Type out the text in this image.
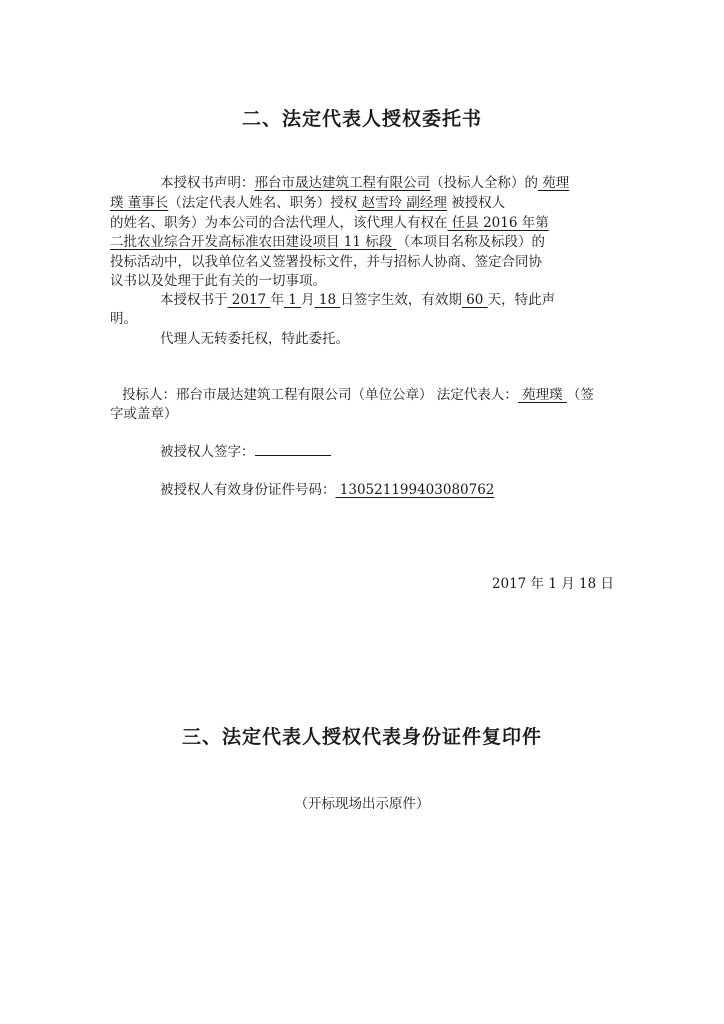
二、法定代表人授权委托书
本授权书声明：邢台市晟达建筑工程有限公司（投标人全称）的 苑理
璞 董事长（法定代表人姓名、职务）授权 赵雪玲 副经理 被授权人
的姓名、职务）为本公司的合法代理人，该代理人有权在 任县 2016 年第
二批农业综合开发高标准农田建设项目 11 标段 （本项目名称及标段）的
投标活动中，以我单位名义签署投标文件，并与招标人协商、签定合同协
议书以及处理于此有关的一切事项。
本授权书于 2017 年 1 月 18 日签字生效，有效期 60 天，特此声
明。
代理人无转委托权，特此委托。
投标人：邢台市晟达建筑工程有限公司（单位公章） 法定代表人： 苑理璞 （签
字或盖章）
被授权人签字：
被授权人有效身份证件号码： 130521199403080762
2017 年 1 月 18 日
三、法定代表人授权代表身份证件复印件
（开标现场出示原件）
